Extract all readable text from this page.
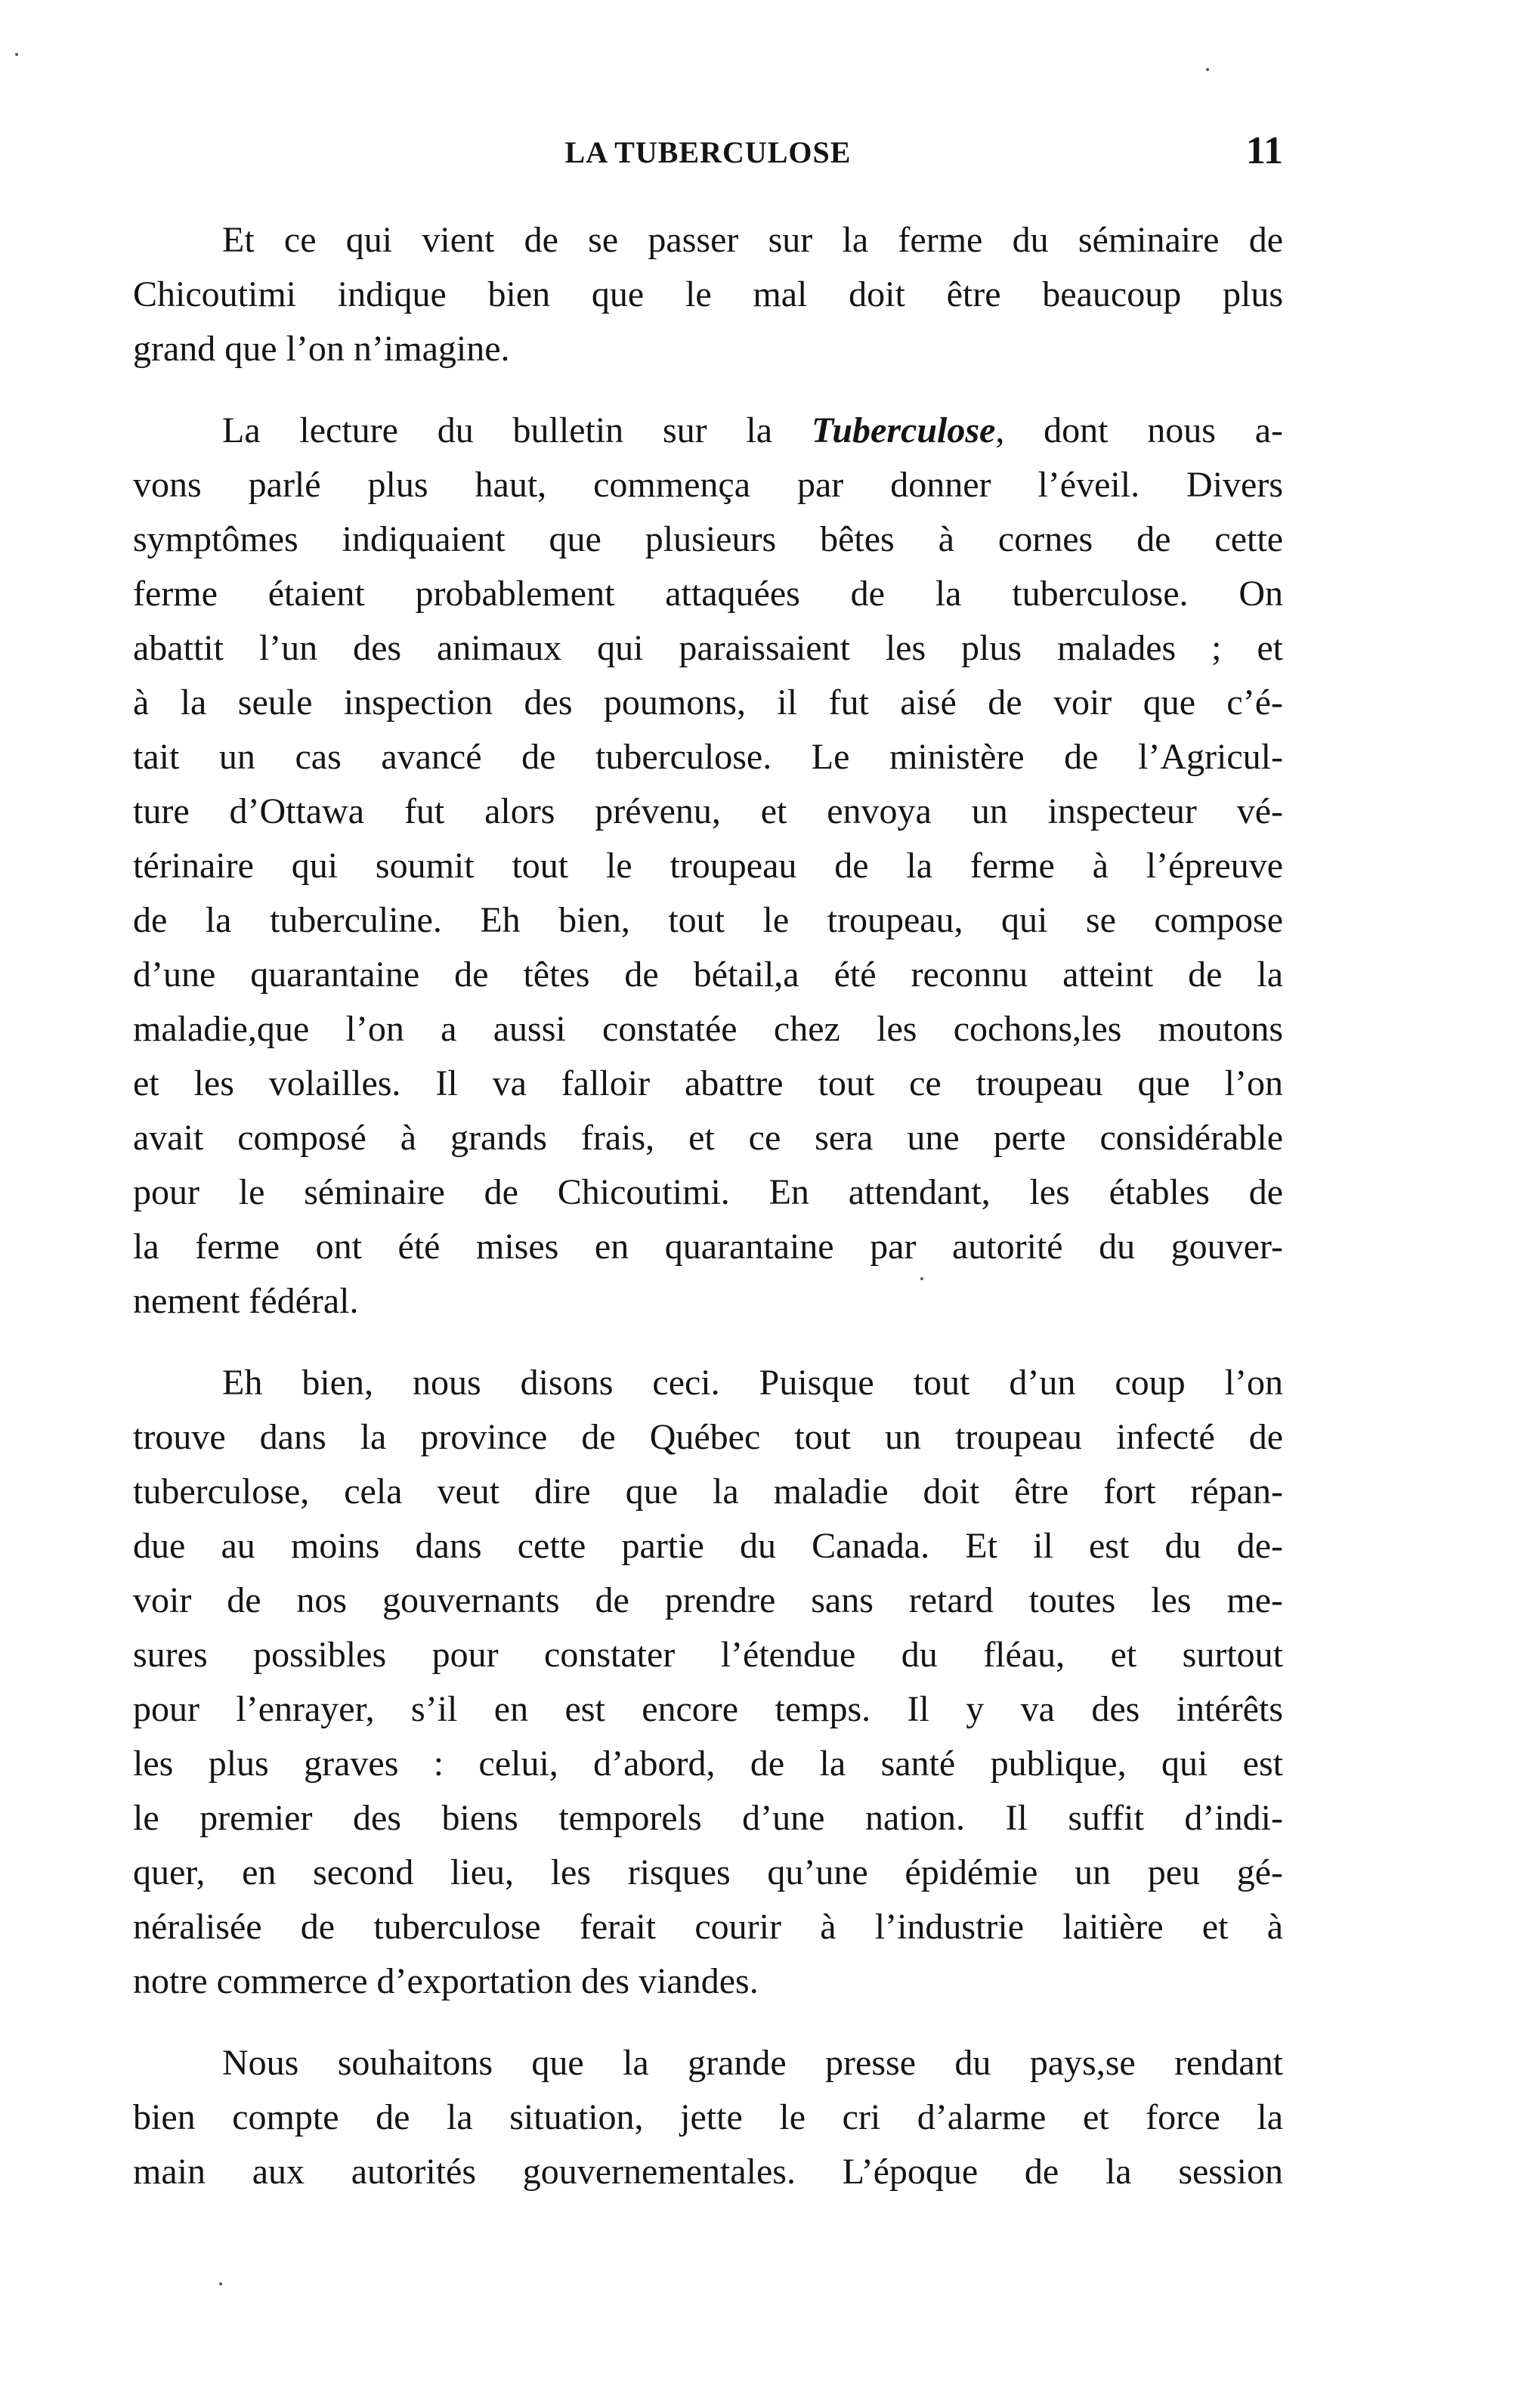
LA TUBERCULOSE	11
Et ce qui vient de se passer sur la ferme du séminaire de
Chicoutimi indique bien que le mal doit être beaucoup plus
grand que l’on n’imagine.
La lecture du bulletin sur la Tuberculose, dont nous a-
vons parlé plus haut, commença par donner l’éveil. Divers
symptômes indiquaient que plusieurs bêtes à cornes de cette
ferme étaient probablement attaquées de la tuberculose. On
abattit l’un des animaux qui paraissaient les plus malades ; et
à la seule inspection des poumons, il fut aisé de voir que c’é-
tait un cas avancé de tuberculose. Le ministère de l’Agricul-
ture d’Ottawa fut alors prévenu, et envoya un inspecteur vé-
térinaire qui soumit tout le troupeau de la ferme à l’épreuve
de la tuberculine. Eh bien, tout le troupeau, qui se compose
d’une quarantaine de têtes de bétail,a été reconnu atteint de la
maladie,que l’on a aussi constatée chez les cochons,les moutons
et les volailles. Il va falloir abattre tout ce troupeau que l’on
avait composé à grands frais, et ce sera une perte considérable
pour le séminaire de Chicoutimi. En attendant, les étables de
la ferme ont été mises en quarantaine par autorité du gouver-
nement fédéral.
Eh bien, nous disons ceci. Puisque tout d’un coup l’on
trouve dans la province de Québec tout un troupeau infecté de
tuberculose, cela veut dire que la maladie doit être fort répan-
due au moins dans cette partie du Canada. Et il est du de-
voir de nos gouvernants de prendre sans retard toutes les me-
sures possibles pour constater l’étendue du fléau, et surtout
pour l’enrayer, s’il en est encore temps. Il y va des intérêts
les plus graves : celui, d’abord, de la santé publique, qui est
le premier des biens temporels d’une nation. Il suffit d’indi-
quer, en second lieu, les risques qu’une épidémie un peu gé-
néralisée de tuberculose ferait courir à l’industrie laitière et à
notre commerce d’exportation des viandes.
Nous souhaitons que la grande presse du pays,se rendant
bien compte de la situation, jette le cri d’alarme et force la
main aux autorités gouvernementales. L’époque de la session
